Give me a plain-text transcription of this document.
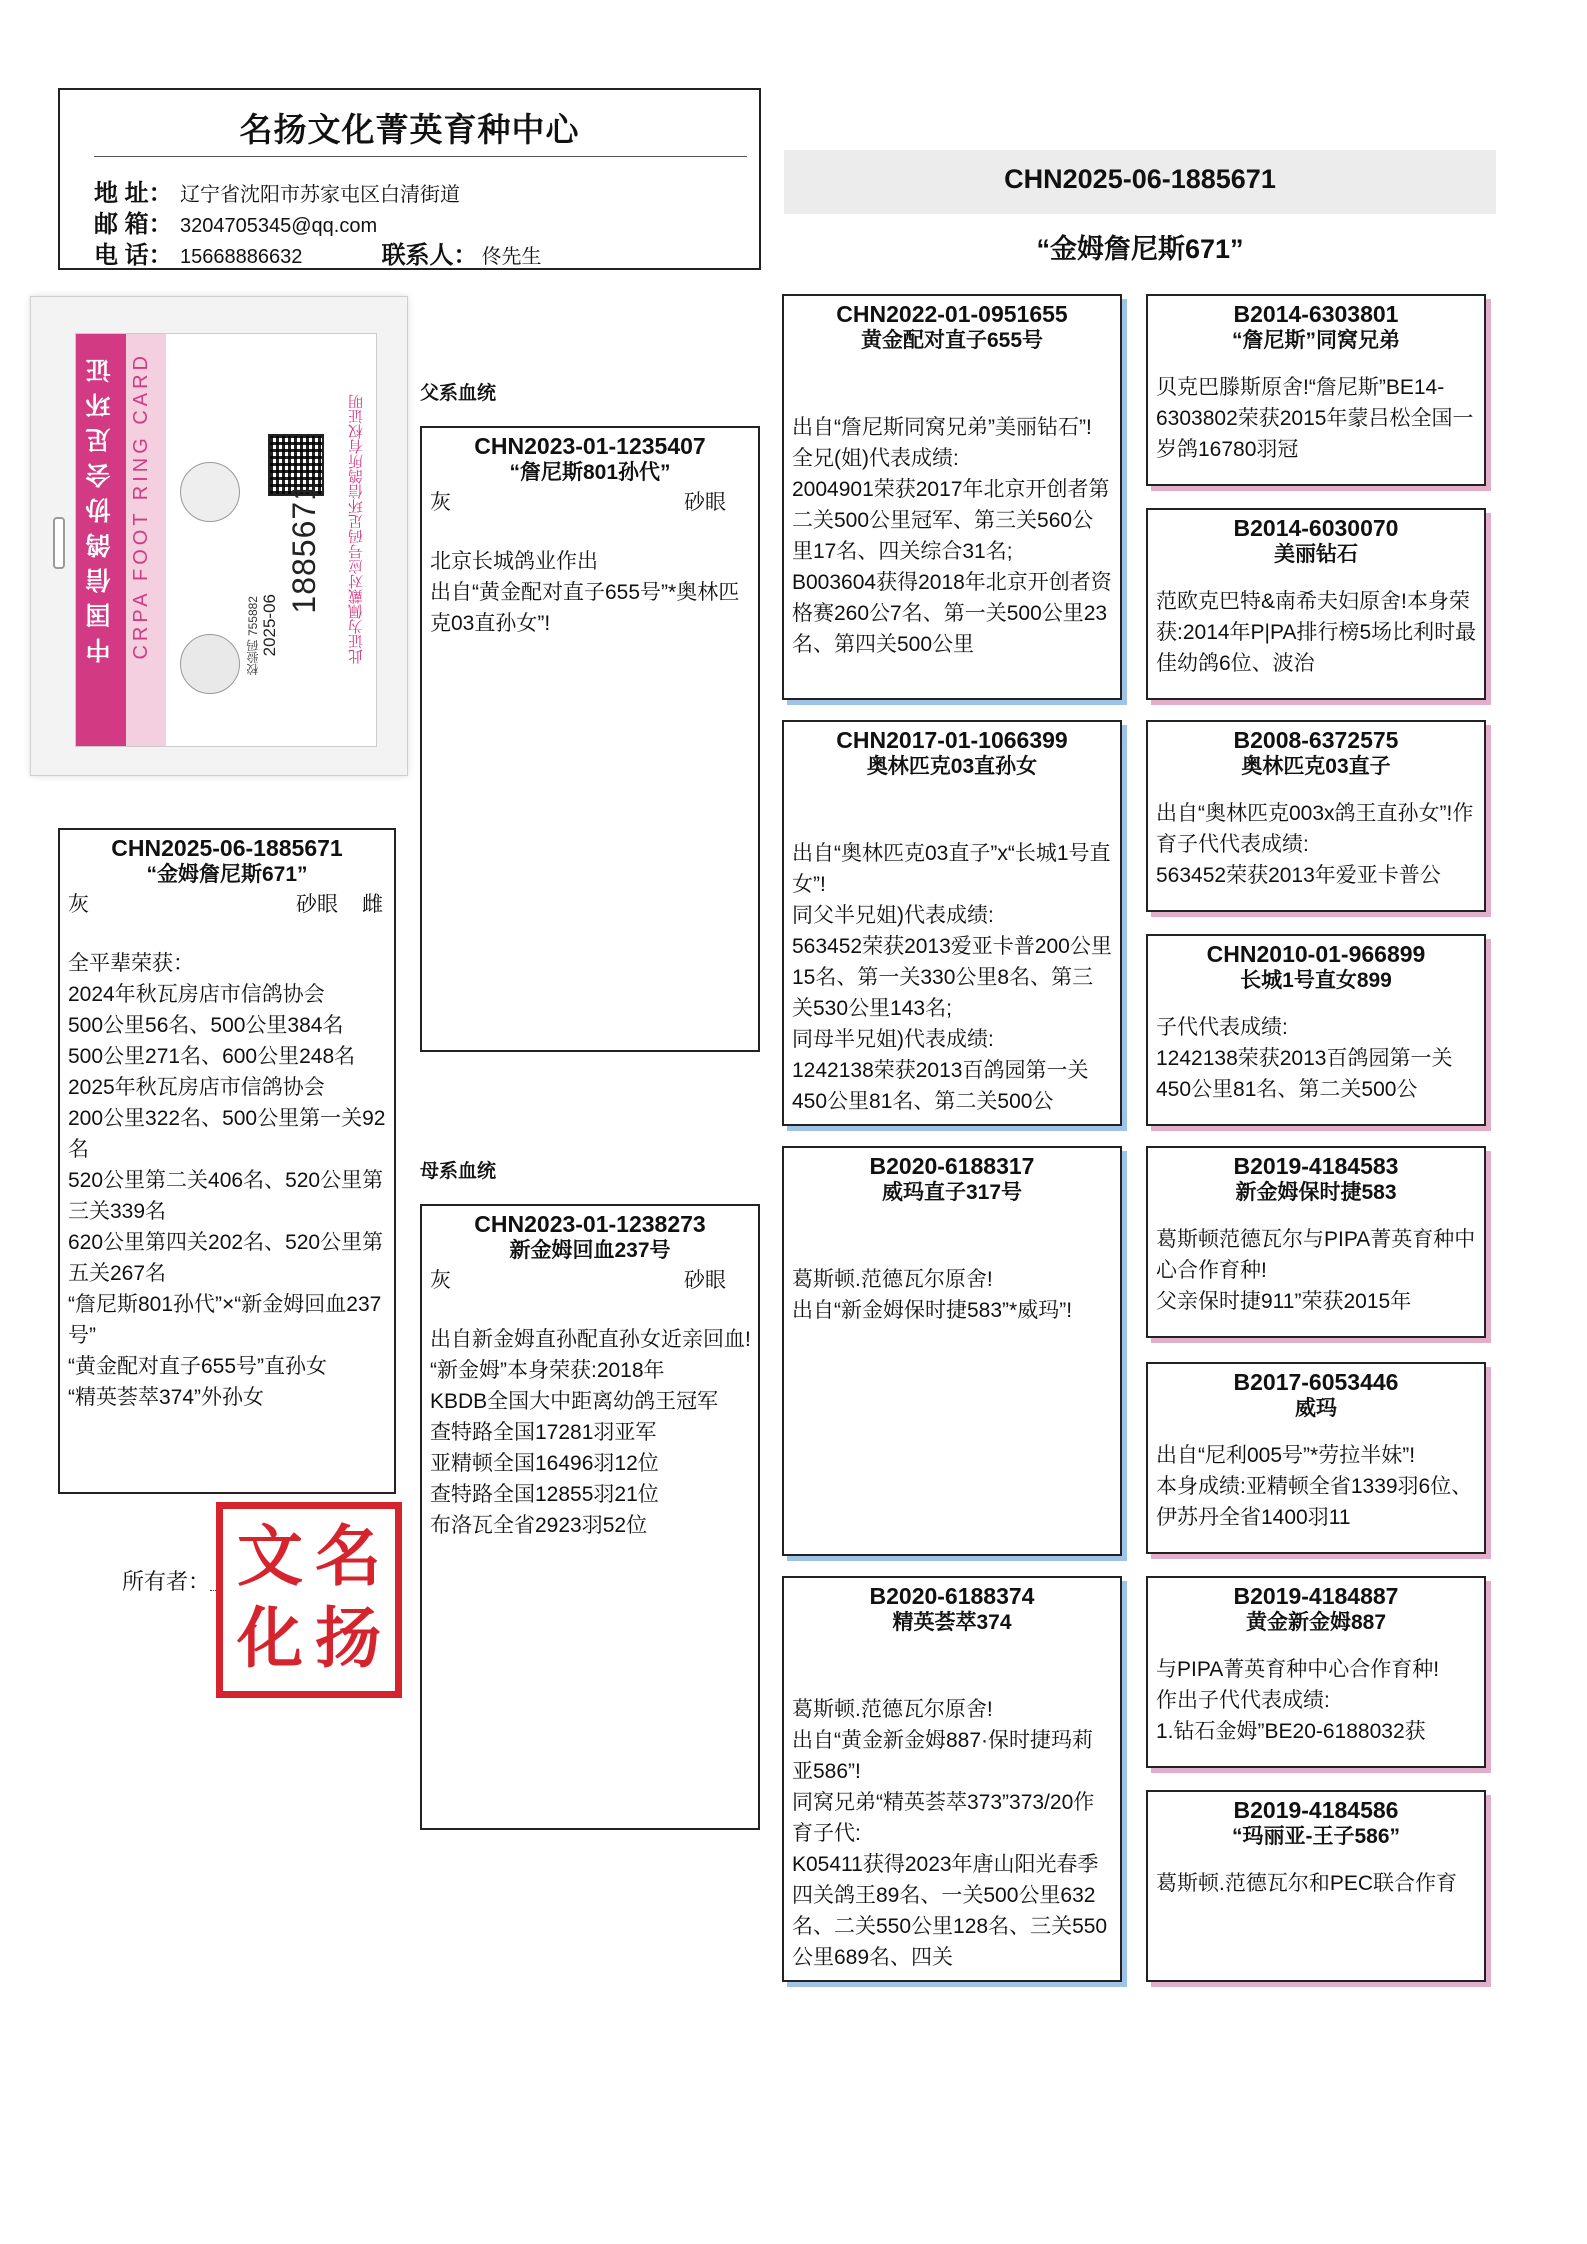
名扬文化菁英育种中心
地 址： 辽宁省沈阳市苏家屯区白清街道
邮 箱： 3204705345@qq.com
电 话： 15668886632	联系人： 佟先生
CHN2025-06-1885671
“金姆詹尼斯671”
中国信鸽协会足环证 CRPA FOOT RING CARD	1885671
2025-06
校验码 755882	此证为佩戴对应号码足环信鸽所有权证明
父系血统
母系血统
CHN2025-06-1885671
“金姆詹尼斯671”
灰	砂眼 雌
全平辈荣获：
2024年秋瓦房店市信鸽协会
500公里56名、500公里384名
500公里271名、600公里248名
2025年秋瓦房店市信鸽协会
200公里322名、500公里第一关92名
520公里第二关406名、520公里第三关339名
620公里第四关202名、520公里第五关267名
“詹尼斯801孙代”×“新金姆回血237号”
“黄金配对直子655号”直孙女
“精英荟萃374”外孙女
CHN2023-01-1235407
“詹尼斯801孙代”
灰	砂眼
北京长城鸽业作出
出自“黄金配对直子655号”*奥林匹克03直孙女”!
CHN2023-01-1238273
新金姆回血237号
灰	砂眼
出自新金姆直孙配直孙女近亲回血!
“新金姆”本身荣获:2018年
KBDB全国大中距离幼鸽王冠军
查特路全国17281羽亚军
亚精顿全国16496羽12位
查特路全国12855羽21位
布洛瓦全省2923羽52位
CHN2022-01-0951655
黄金配对直子655号
出自“詹尼斯同窝兄弟”美丽钻石”!
全兄(姐)代表成绩:
2004901荣获2017年北京开创者第二关500公里冠军、第三关560公里17名、四关综合31名;
B003604获得2018年北京开创者资格赛260公7名、第一关500公里23名、第四关500公里
CHN2017-01-1066399
奥林匹克03直孙女
出自“奥林匹克03直子”x“长城1号直女”!
同父半兄姐)代表成绩:
563452荣获2013爱亚卡普200公里15名、第一关330公里8名、第三关530公里143名;
同母半兄姐)代表成绩:
1242138荣获2013百鸽园第一关450公里81名、第二关500公
B2020-6188317
威玛直子317号
葛斯顿.范德瓦尔原舍!
出自“新金姆保时捷583”*威玛”!
B2020-6188374
精英荟萃374
葛斯顿.范德瓦尔原舍!
出自“黄金新金姆887·保时捷玛莉亚586”!
同窝兄弟“精英荟萃373”373/20作育子代:
K05411获得2023年唐山阳光春季四关鸽王89名、一关500公里632名、二关550公里128名、三关550公里689名、四关
B2014-6303801
“詹尼斯”同窝兄弟
贝克巴滕斯原舍!“詹尼斯”BE14-6303802荣获2015年蒙吕松全国一岁鸽16780羽冠
B2014-6030070
美丽钻石
范欧克巴特&南希夫妇原舍!本身荣获:2014年P|PA排行榜5场比利时最佳幼鸽6位、波治
B2008-6372575
奥林匹克03直子
出自“奥林匹克003x鸽王直孙女”!作育子代代表成绩:
563452荣获2013年爱亚卡普公
CHN2010-01-966899
长城1号直女899
子代代表成绩:
1242138荣获2013百鸽园第一关450公里81名、第二关500公
B2019-4184583
新金姆保时捷583
葛斯顿范德瓦尔与PIPA菁英育种中心合作育种!
父亲保时捷911”荣获2015年
B2017-6053446
威玛
出自“尼利005号”*劳拉半妹”!
本身成绩:亚精顿全省1339羽6位、伊苏丹全省1400羽11
B2019-4184887
黄金新金姆887
与PIPA菁英育种中心合作育种!
作出子代代表成绩:
1.钻石金姆”BE20-6188032获
B2019-4184586
“玛丽亚-王子586”
葛斯顿.范德瓦尔和PEC联合作育
所有者： 名
扬
文
化
